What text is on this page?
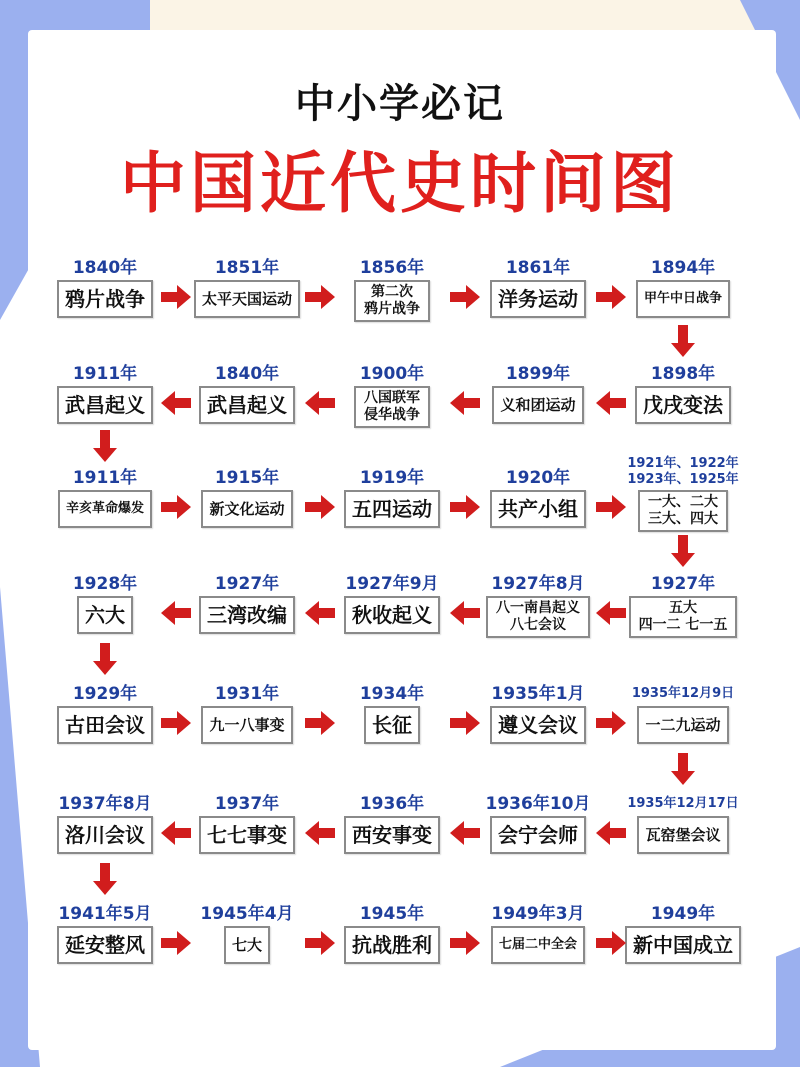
中小学必记
中国近代史时间图
1840年
鸦片战争
1851年
太平天国运动
1856年
第二次
鸦片战争
1861年
洋务运动
1894年
甲午中日战争
1911年
武昌起义
1840年
武昌起义
1900年
八国联军
侵华战争
1899年
义和团运动
1898年
戊戌变法
1911年
辛亥革命爆发
1915年
新文化运动
1919年
五四运动
1920年
共产小组
1921年、1922年
1923年、1925年
一大、二大
三大、四大
1928年
六大
1927年
三湾改编
1927年9月
秋收起义
1927年8月
八一南昌起义
八七会议
1927年
五大
四一二 七一五
1929年
古田会议
1931年
九一八事变
1934年
长征
1935年1月
遵义会议
1935年12月9日
一二九运动
1937年8月
洛川会议
1937年
七七事变
1936年
西安事变
1936年10月
会宁会师
1935年12月17日
瓦窑堡会议
1941年5月
延安整风
1945年4月
七大
1945年
抗战胜利
1949年3月
七届二中全会
1949年
新中国成立
